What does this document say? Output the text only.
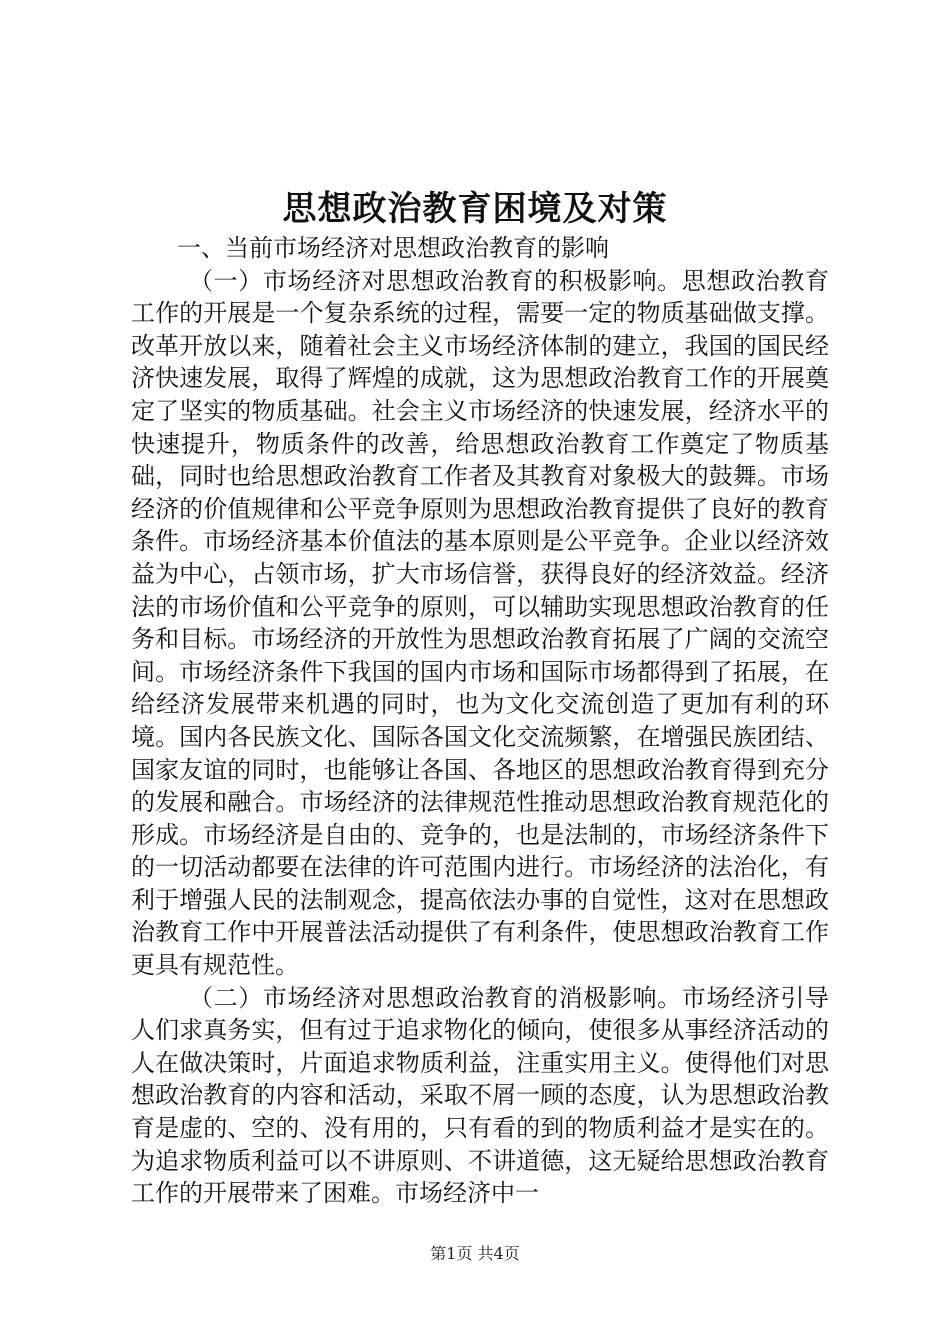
思想政治教育困境及对策

一、当前市场经济对思想政治教育的影响

（一）市场经济对思想政治教育的积极影响。思想政治教育工作的开展是一个复杂系统的过程，需要一定的物质基础做支撑。改革开放以来，随着社会主义市场经济体制的建立，我国的国民经济快速发展，取得了辉煌的成就，这为思想政治教育工作的开展奠定了坚实的物质基础。社会主义市场经济的快速发展，经济水平的快速提升，物质条件的改善，给思想政治教育工作奠定了物质基础，同时也给思想政治教育工作者及其教育对象极大的鼓舞。市场经济的价值规律和公平竞争原则为思想政治教育提供了良好的教育条件。市场经济基本价值法的基本原则是公平竞争。企业以经济效益为中心，占领市场，扩大市场信誉，获得良好的经济效益。经济法的市场价值和公平竞争的原则，可以辅助实现思想政治教育的任务和目标。市场经济的开放性为思想政治教育拓展了广阔的交流空间。市场经济条件下我国的国内市场和国际市场都得到了拓展，在给经济发展带来机遇的同时，也为文化交流创造了更加有利的环境。国内各民族文化、国际各国文化交流频繁，在增强民族团结、国家友谊的同时，也能够让各国、各地区的思想政治教育得到充分的发展和融合。市场经济的法律规范性推动思想政治教育规范化的形成。市场经济是自由的、竞争的，也是法制的，市场经济条件下的一切活动都要在法律的许可范围内进行。市场经济的法治化，有利于增强人民的法制观念，提高依法办事的自觉性，这对在思想政治教育工作中开展普法活动提供了有利条件，使思想政治教育工作更具有规范性。

（二）市场经济对思想政治教育的消极影响。市场经济引导人们求真务实，但有过于追求物化的倾向，使很多从事经济活动的人在做决策时，片面追求物质利益，注重实用主义。使得他们对思想政治教育的内容和活动，采取不屑一顾的态度，认为思想政治教育是虚的、空的、没有用的，只有看的到的物质利益才是实在的。为追求物质利益可以不讲原则、不讲道德，这无疑给思想政治教育工作的开展带来了困难。市场经济中一

第1页 共4页
